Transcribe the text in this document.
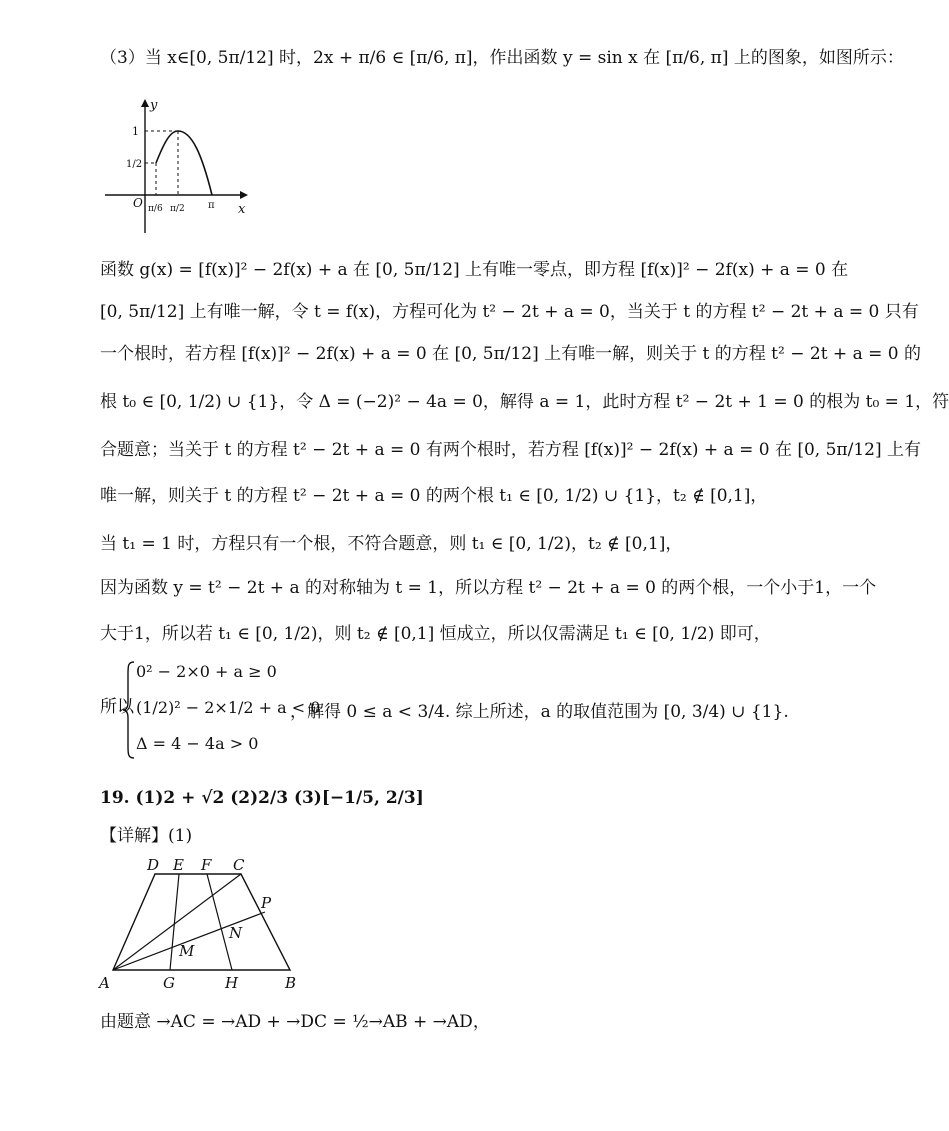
（3）当 x∈[0, 5π/12] 时，2x + π/6 ∈ [π/6, π]，作出函数 y = sin x 在 [π/6, π] 上的图象，如图所示：
y
x
O
1
1/2
π/6 π/2 π
函数 g(x) = [f(x)]² − 2f(x) + a 在 [0, 5π/12] 上有唯一零点，即方程 [f(x)]² − 2f(x) + a = 0 在
[0, 5π/12] 上有唯一解，令 t = f(x)，方程可化为 t² − 2t + a = 0，当关于 t 的方程 t² − 2t + a = 0 只有
一个根时，若方程 [f(x)]² − 2f(x) + a = 0 在 [0, 5π/12] 上有唯一解，则关于 t 的方程 t² − 2t + a = 0 的
根 t₀ ∈ [0, 1/2) ∪ {1}，令 Δ = (−2)² − 4a = 0，解得 a = 1，此时方程 t² − 2t + 1 = 0 的根为 t₀ = 1，符
合题意；当关于 t 的方程 t² − 2t + a = 0 有两个根时，若方程 [f(x)]² − 2f(x) + a = 0 在 [0, 5π/12] 上有
唯一解，则关于 t 的方程 t² − 2t + a = 0 的两个根 t₁ ∈ [0, 1/2) ∪ {1}，t₂ ∉ [0,1]，
当 t₁ = 1 时，方程只有一个根，不符合题意，则 t₁ ∈ [0, 1/2)，t₂ ∉ [0,1]，
因为函数 y = t² − 2t + a 的对称轴为 t = 1，所以方程 t² − 2t + a = 0 的两个根，一个小于1，一个
大于1，所以若 t₁ ∈ [0, 1/2)，则 t₂ ∉ [0,1] 恒成立，所以仅需满足 t₁ ∈ [0, 1/2) 即可，
所以
0² − 2×0 + a ≥ 0
(1/2)² − 2×1/2 + a < 0
Δ = 4 − 4a > 0
，解得 0 ≤ a < 3/4. 综上所述，a 的取值范围为 [0, 3/4) ∪ {1}.
19. (1)2 + √2 (2)2/3 (3)[−1/5, 2/3]
【详解】(1)
D E F C
P
N
M
A	G	H	B
由题意 →AC = →AD + →DC = ½→AB + →AD，
